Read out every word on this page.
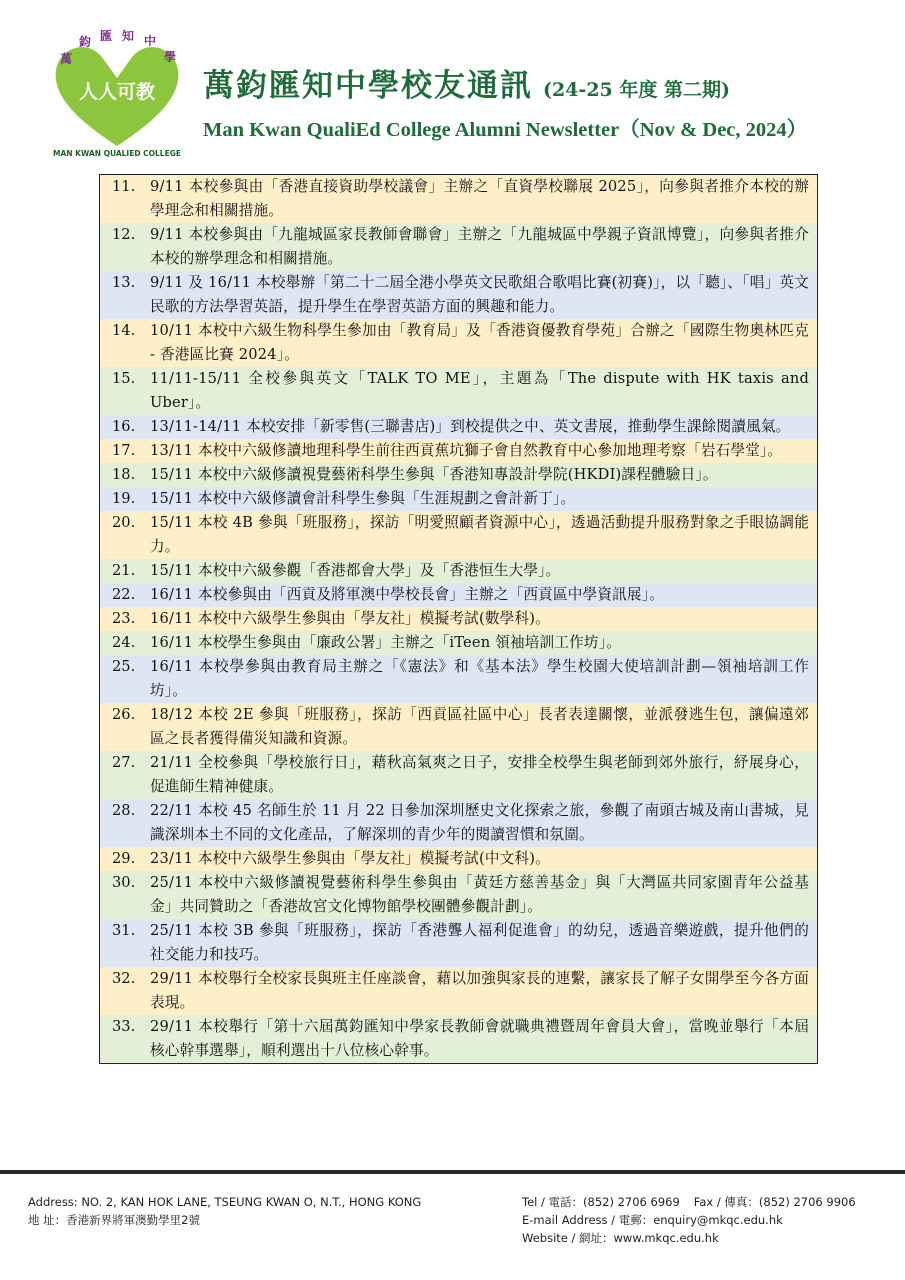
萬
鈞 匯 知 中
學
人人可教
MAN KWAN QUALIED COLLEGE
萬鈞匯知中學校友通訊 (24-25 年度 第二期)
Man Kwan QualiEd College Alumni Newsletter（Nov & Dec, 2024）
11.	9/11 本校參與由「香港直接資助學校議會」主辦之「直資學校聯展 2025」，向參與者推介本校的辦學理念和相關措施。
12.	9/11 本校參與由「九龍城區家長教師會聯會」主辦之「九龍城區中學親子資訊博覽」，向參與者推介本校的辦學理念和相關措施。
13.	9/11 及 16/11 本校舉辦「第二十二屆全港小學英文民歌組合歌唱比賽(初賽)」，以「聽」、「唱」英文民歌的方法學習英語，提升學生在學習英語方面的興趣和能力。
14.	10/11 本校中六級生物科學生參加由「教育局」及「香港資優教育學苑」合辦之「國際生物奧林匹克 - 香港區比賽 2024」。
15.	11/11-15/11 全校參與英文「TALK TO ME」，主題為「The dispute with HK taxis and Uber」。
16.	13/11-14/11 本校安排「新零售(三聯書店)」到校提供之中、英文書展，推動學生課餘閱讀風氣。
17.	13/11 本校中六級修讀地理科學生前往西貢蕉坑獅子會自然教育中心參加地理考察「岩石學堂」。
18.	15/11 本校中六級修讀視覺藝術科學生參與「香港知專設計學院(HKDI)課程體驗日」。
19.	15/11 本校中六級修讀會計科學生參與「生涯規劃之會計新丁」。
20.	15/11 本校 4B 參與「班服務」，探訪「明愛照顧者資源中心」，透過活動提升服務對象之手眼協調能力。
21.	15/11 本校中六級參觀「香港都會大學」及「香港恒生大學」。
22.	16/11 本校參與由「西貢及將軍澳中學校長會」主辦之「西貢區中學資訊展」。
23.	16/11 本校中六級學生參與由「學友社」模擬考試(數學科)。
24.	16/11 本校學生參與由「廉政公署」主辦之「iTeen 領袖培訓工作坊」。
25.	16/11 本校學參與由教育局主辦之「《憲法》和《基本法》學生校園大使培訓計劃—領袖培訓工作坊」。
26.	18/12 本校 2E 參與「班服務」，探訪「西貢區社區中心」長者表達關懷，並派發逃生包，讓偏遠郊區之長者獲得備災知識和資源。
27.	21/11 全校參與「學校旅行日」，藉秋高氣爽之日子，安排全校學生與老師到郊外旅行，紓展身心，促進師生精神健康。
28.	22/11 本校 45 名師生於 11 月 22 日參加深圳歷史文化探索之旅，參觀了南頭古城及南山書城，見識深圳本土不同的文化產品，了解深圳的青少年的閱讀習慣和氛圍。
29.	23/11 本校中六級學生參與由「學友社」模擬考試(中文科)。
30.	25/11 本校中六級修讀視覺藝術科學生參與由「黃廷方慈善基金」與「大灣區共同家園青年公益基金」共同贊助之「香港故宮文化博物館學校團體參觀計劃」。
31.	25/11 本校 3B 參與「班服務」，探訪「香港聾人福利促進會」的幼兒，透過音樂遊戲，提升他們的社交能力和技巧。
32.	29/11 本校舉行全校家長與班主任座談會，藉以加強與家長的連繫，讓家長了解子女開學至今各方面表現。
33.	29/11 本校舉行「第十六屆萬鈞匯知中學家長教師會就職典禮暨周年會員大會」，當晚並舉行「本屆核心幹事選舉」，順利選出十八位核心幹事。
Address: NO. 2, KAN HOK LANE, TSEUNG KWAN O, N.T., HONG KONG
地 址：香港新界將軍澳勤學里2號
Tel / 電話：(852) 2706 6969 Fax / 傳真：(852) 2706 9906
E-mail Address / 電郵：enquiry@mkqc.edu.hk
Website / 網址：www.mkqc.edu.hk
